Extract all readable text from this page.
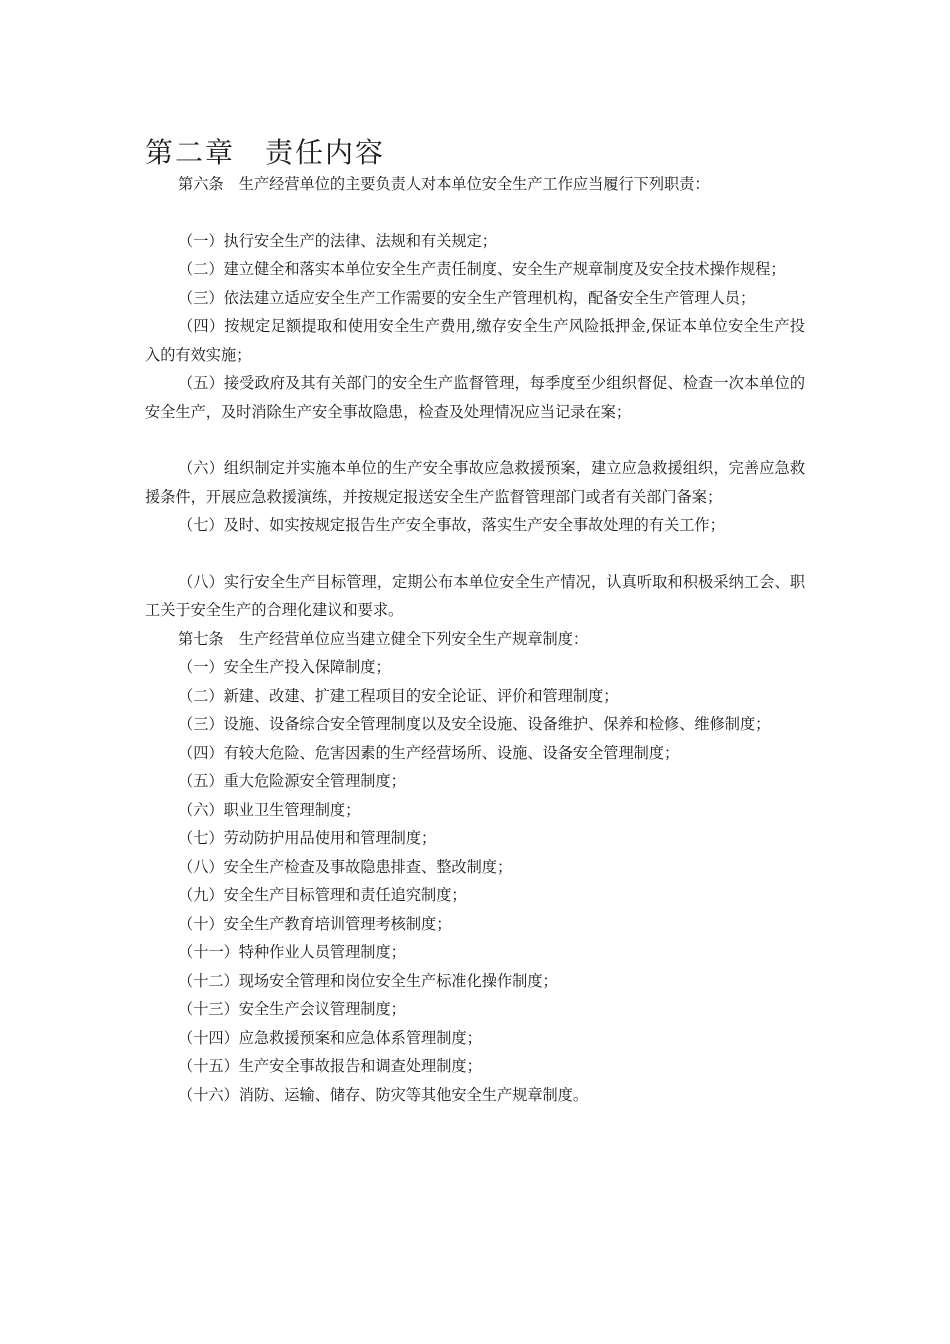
第二章　责任内容

第六条　生产经营单位的主要负责人对本单位安全生产工作应当履行下列职责：

（一）执行安全生产的法律、法规和有关规定；

（二）建立健全和落实本单位安全生产责任制度、安全生产规章制度及安全技术操作规程；

（三）依法建立适应安全生产工作需要的安全生产管理机构，配备安全生产管理人员；

（四）按规定足额提取和使用安全生产费用,缴存安全生产风险抵押金,保证本单位安全生产投入的有效实施；

（五）接受政府及其有关部门的安全生产监督管理，每季度至少组织督促、检查一次本单位的安全生产，及时消除生产安全事故隐患，检查及处理情况应当记录在案；

（六）组织制定并实施本单位的生产安全事故应急救援预案，建立应急救援组织，完善应急救援条件，开展应急救援演练，并按规定报送安全生产监督管理部门或者有关部门备案；

（七）及时、如实按规定报告生产安全事故，落实生产安全事故处理的有关工作；

（八）实行安全生产目标管理，定期公布本单位安全生产情况，认真听取和积极采纳工会、职工关于安全生产的合理化建议和要求。

第七条　生产经营单位应当建立健全下列安全生产规章制度：

（一）安全生产投入保障制度；

（二）新建、改建、扩建工程项目的安全论证、评价和管理制度；

（三）设施、设备综合安全管理制度以及安全设施、设备维护、保养和检修、维修制度；

（四）有较大危险、危害因素的生产经营场所、设施、设备安全管理制度；

（五）重大危险源安全管理制度；

（六）职业卫生管理制度；

（七）劳动防护用品使用和管理制度；

（八）安全生产检查及事故隐患排查、整改制度；

（九）安全生产目标管理和责任追究制度；

（十）安全生产教育培训管理考核制度；

（十一）特种作业人员管理制度；

（十二）现场安全管理和岗位安全生产标准化操作制度；

（十三）安全生产会议管理制度；

（十四）应急救援预案和应急体系管理制度；

（十五）生产安全事故报告和调查处理制度；

（十六）消防、运输、储存、防灾等其他安全生产规章制度。
